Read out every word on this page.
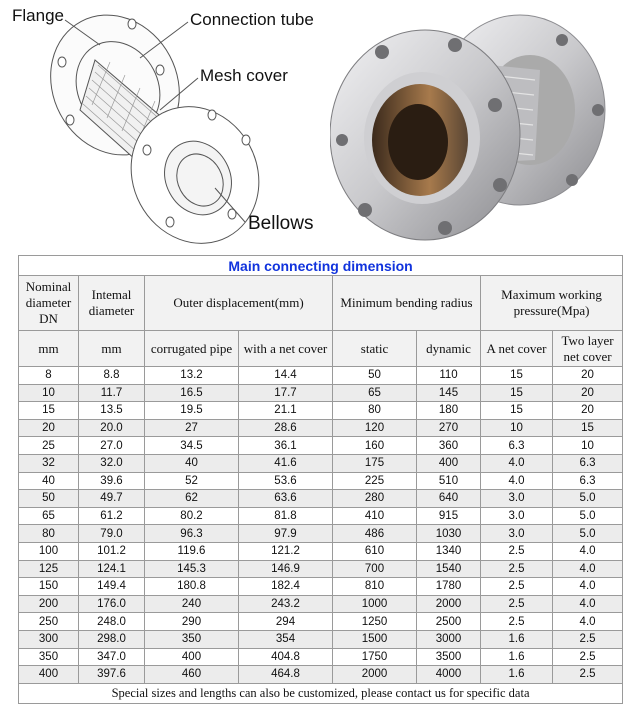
Flange	Connection tube
Mesh cover
Bellows
Main connecting dimension							
Nominal diameter DN	Intemal diameter	Outer displacement(mm)		Minimum bending radius		Maximum working pressure(Mpa)	
mm	mm	corrugated pipe	with a net cover	static	dynamic	A net cover	Two layer net cover
8	8.8	13.2	14.4	50	110	15	20
10	11.7	16.5	17.7	65	145	15	20
15	13.5	19.5	21.1	80	180	15	20
20	20.0	27	28.6	120	270	10	15
25	27.0	34.5	36.1	160	360	6.3	10
32	32.0	40	41.6	175	400	4.0	6.3
40	39.6	52	53.6	225	510	4.0	6.3
50	49.7	62	63.6	280	640	3.0	5.0
65	61.2	80.2	81.8	410	915	3.0	5.0
80	79.0	96.3	97.9	486	1030	3.0	5.0
100	101.2	119.6	121.2	610	1340	2.5	4.0
125	124.1	145.3	146.9	700	1540	2.5	4.0
150	149.4	180.8	182.4	810	1780	2.5	4.0
200	176.0	240	243.2	1000	2000	2.5	4.0
250	248.0	290	294	1250	2500	2.5	4.0
300	298.0	350	354	1500	3000	1.6	2.5
350	347.0	400	404.8	1750	3500	1.6	2.5
400	397.6	460	464.8	2000	4000	1.6	2.5
Special sizes and lengths can also be customized, please contact us for specific data							
